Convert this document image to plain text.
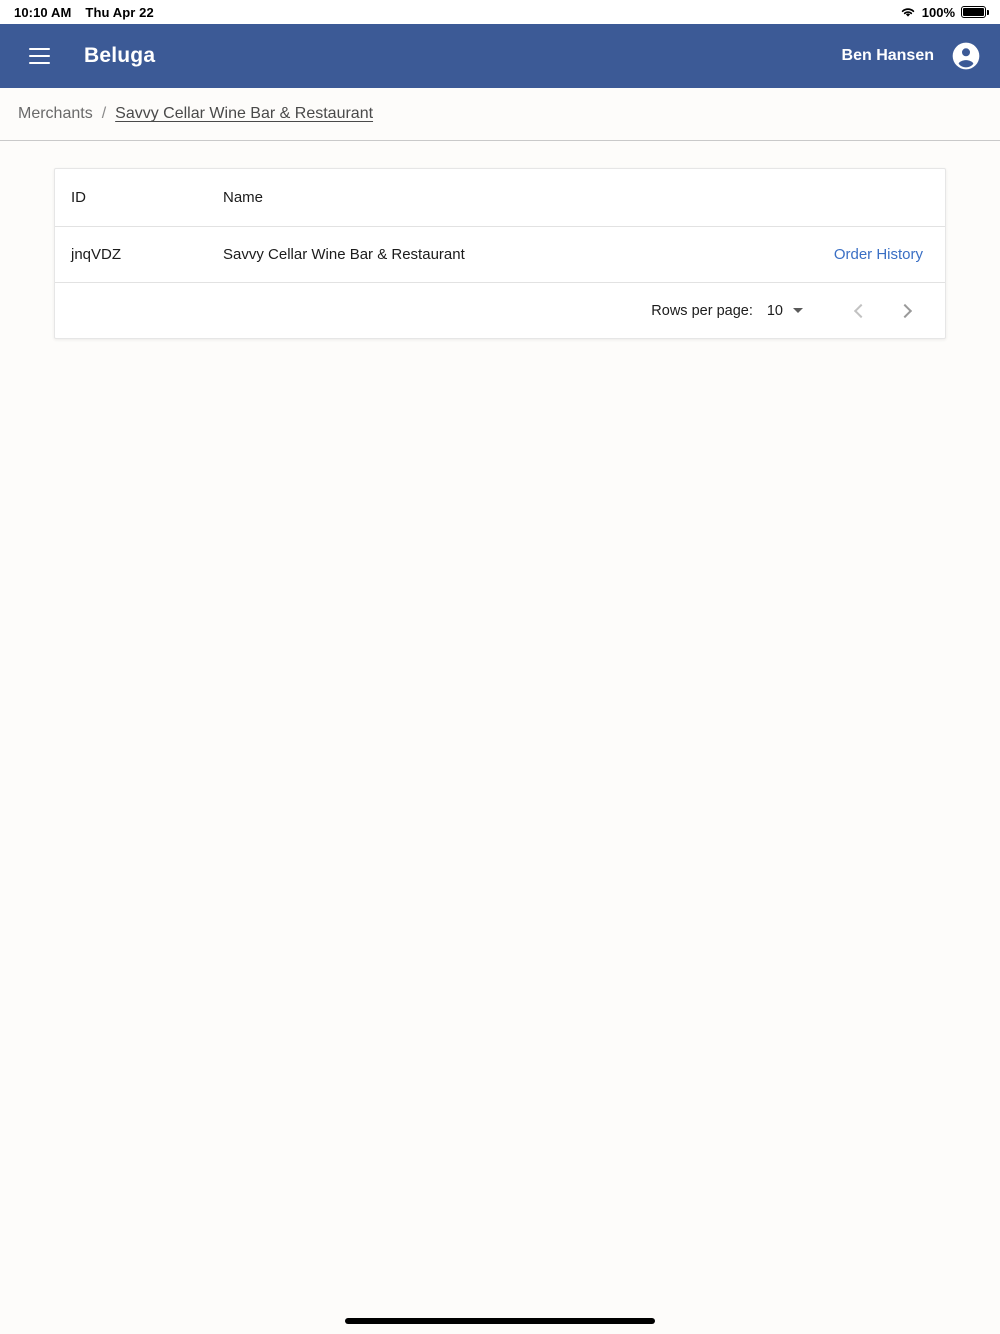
10:10 AM Thu Apr 22	100%
Beluga	Ben Hansen
Merchants / Savvy Cellar Wine Bar & Restaurant
ID	Name	
jnqVDZ	Savvy Cellar Wine Bar & Restaurant	Order History
Rows per page: 10
